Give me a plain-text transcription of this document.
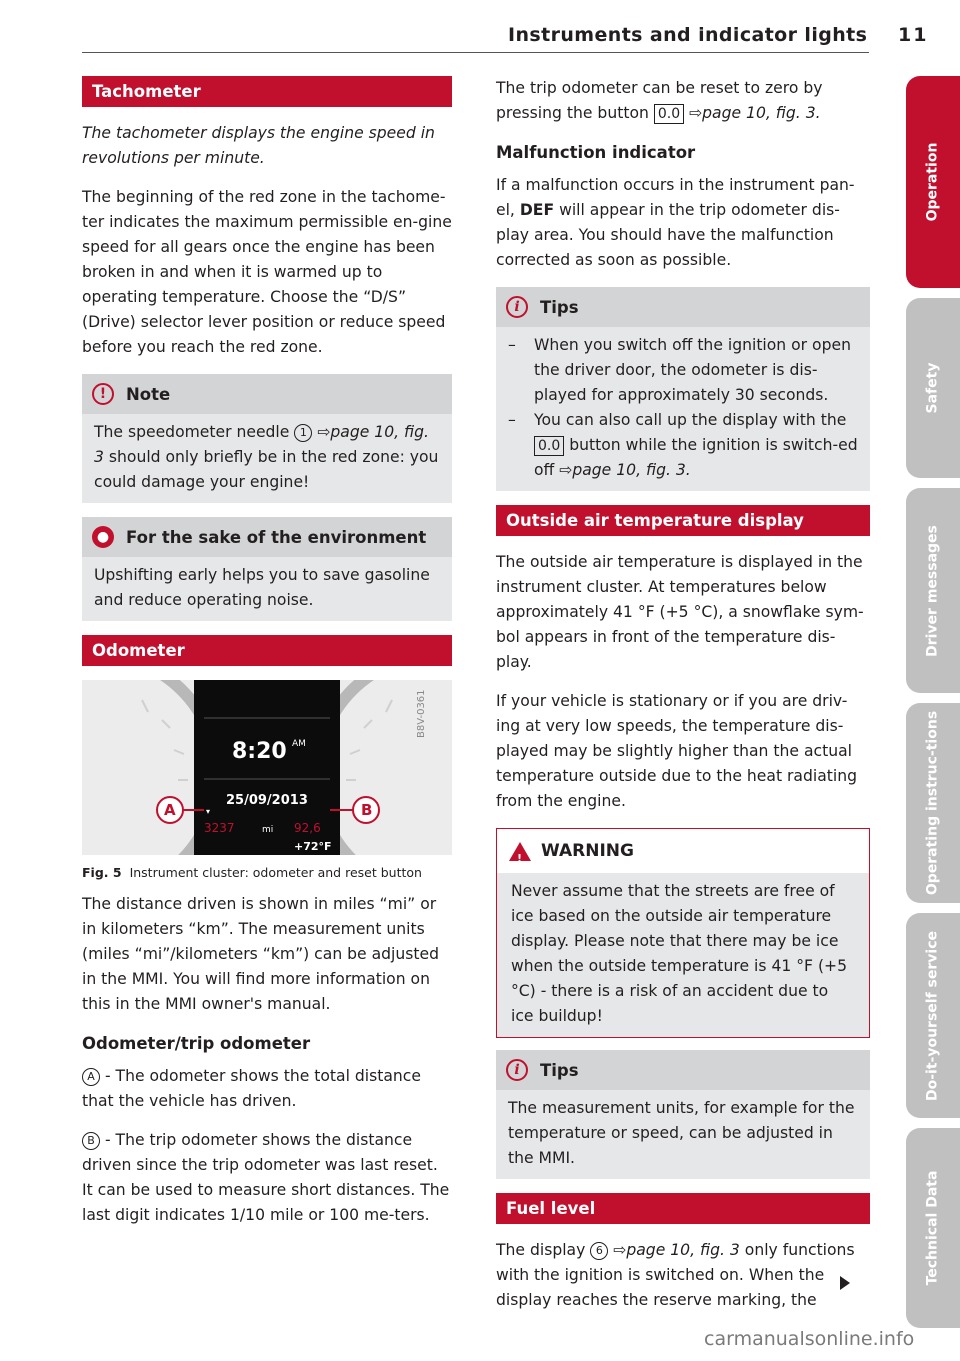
Instruments and indicator lights 11
Tachometer

The tachometer displays the engine speed in revolutions per minute.

The beginning of the red zone in the tachome-ter indicates the maximum permissible en-gine speed for all gears once the engine has been broken in and when it is warmed up to operating temperature. Choose the “D/S” (Drive) selector lever position or reduce speed before you reach the red zone.

!	Note
The speedometer needle 1 ⇨page 10, fig. 3 should only briefly be in the red zone: you could damage your engine!
● For the sake of the environment
Upshifting early helps you to save gasoline and reduce operating noise.
Odometer
B8V-0361
8:20 AM
25/09/2013
▾
3237	mi 92,6
+72°F
A	B
Fig. 5 Instrument cluster: odometer and reset button

The distance driven is shown in miles “mi” or in kilometers “km”. The measurement units (miles “mi”/kilometers “km”) can be adjusted in the MMI. You will find more information on this in the MMI owner's manual.

Odometer/trip odometer

A - The odometer shows the total distance that the vehicle has driven.

B - The trip odometer shows the distance driven since the trip odometer was last reset. It can be used to measure short distances. The last digit indicates 1/10 mile or 100 me-ters.

The trip odometer can be reset to zero by pressing the button 0.0 ⇨page 10, fig. 3.

Malfunction indicator

If a malfunction occurs in the instrument pan-el, DEF will appear in the trip odometer dis-play area. You should have the malfunction corrected as soon as possible.

i	Tips
– When you switch off the ignition or open the driver door, the odometer is dis-played for approximately 30 seconds.
– You can also call up the display with the 0.0 button while the ignition is switch-ed off ⇨page 10, fig. 3.
Outside air temperature display

The outside air temperature is displayed in the instrument cluster. At temperatures below approximately 41 °F (+5 °C), a snowflake sym-bol appears in front of the temperature dis-play.

If your vehicle is stationary or if you are driv-ing at very low speeds, the temperature dis-played may be slightly higher than the actual temperature outside due to the heat radiating from the engine.

! WARNING
Never assume that the streets are free of ice based on the outside air temperature display. Please note that there may be ice when the outside temperature is 41 °F (+5 °C) - there is a risk of an accident due to ice buildup!
i	Tips
The measurement units, for example for the temperature or speed, can be adjusted in the MMI.
Fuel level

The display 6 ⇨page 10, fig. 3 only functions with the ignition is switched on. When the display reaches the reserve marking, the

Operation
Safety
Driver messages
Operating instruc-tions
Do-it-yourself service
Technical Data
carmanualsonline.info
